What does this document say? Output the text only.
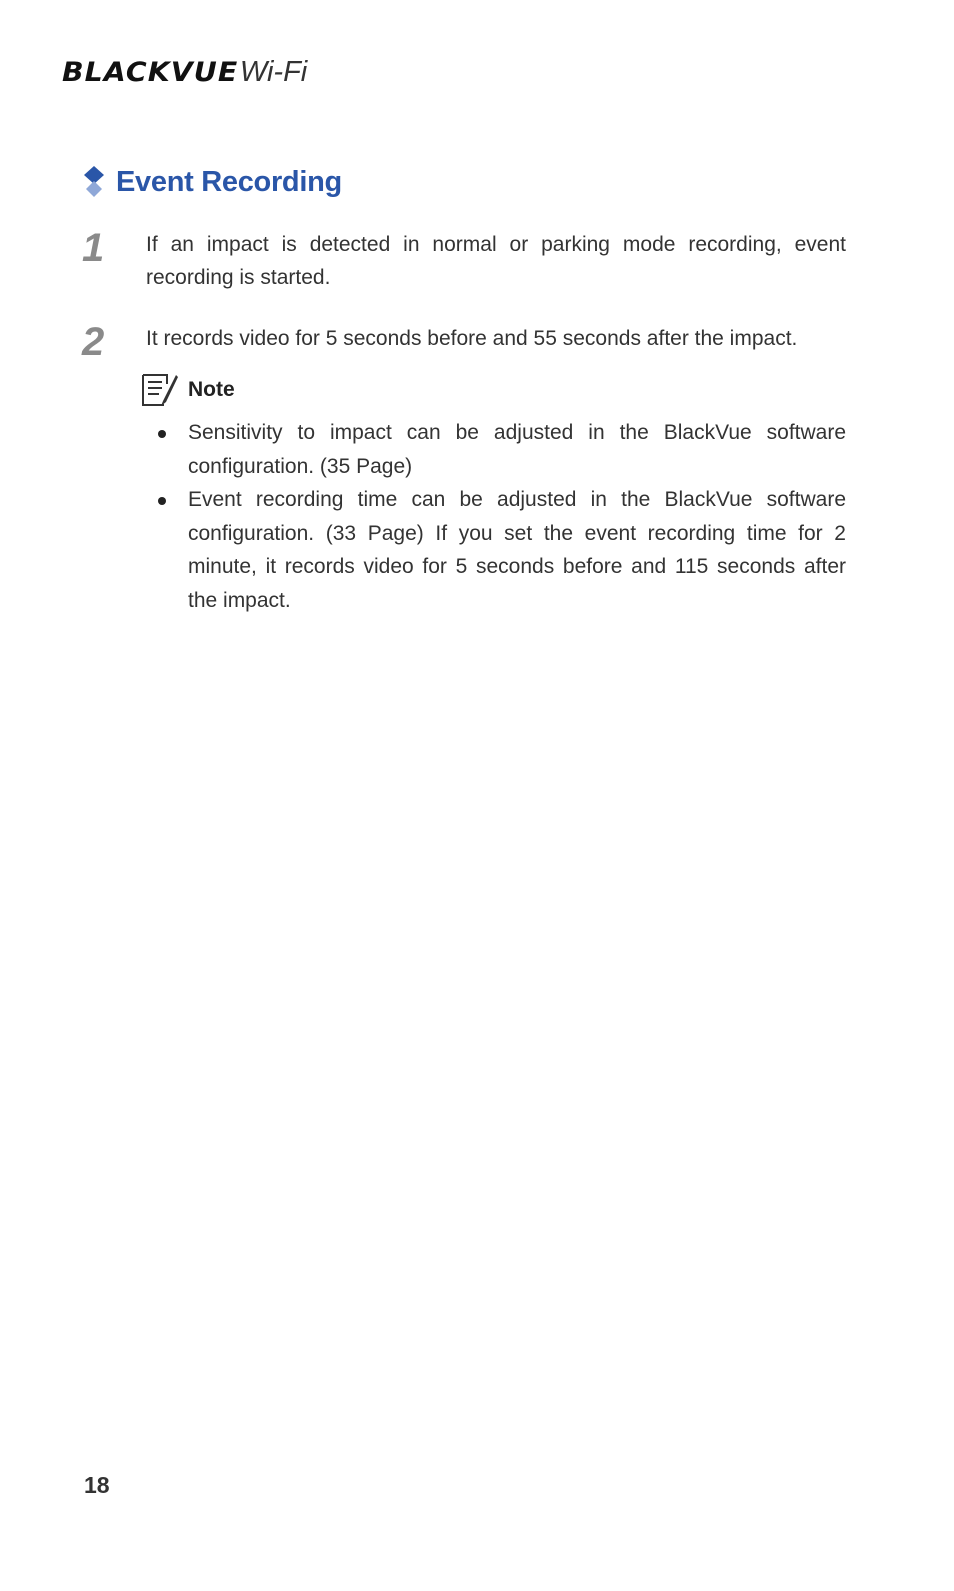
BLACKVUE Wi-Fi
Event Recording
1 If an impact is detected in normal or parking mode recording, event recording is started.
2 It records video for 5 seconds before and 55 seconds after the impact.
Note
Sensitivity to impact can be adjusted in the BlackVue software configuration. (35 Page)
Event recording time can be adjusted in the BlackVue software configuration. (33 Page) If you set the event recording time for 2 minute, it records video for 5 seconds before and 115 seconds after the impact.
18
